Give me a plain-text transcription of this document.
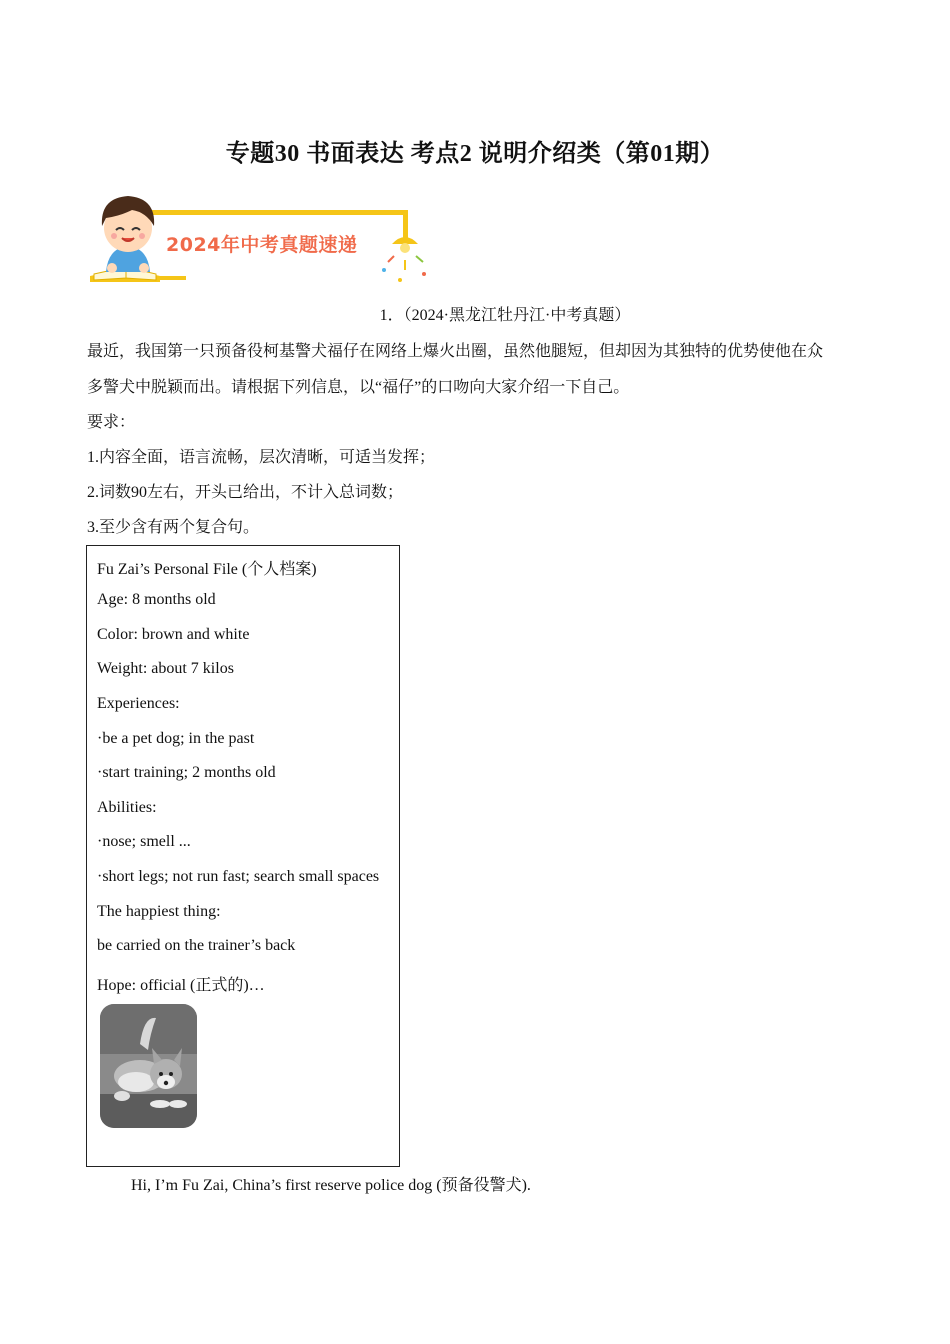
专题30 书面表达 考点2 说明介绍类（第01期）
2024年中考真题速递
1．（2024·黑龙江牡丹江·中考真题）
最近，我国第一只预备役柯基警犬福仔在网络上爆火出圈，虽然他腿短，但却因为其独特的优势使他在众
多警犬中脱颖而出。请根据下列信息，以“福仔”的口吻向大家介绍一下自己。
要求：
1.内容全面，语言流畅，层次清晰，可适当发挥；
2.词数90左右，开头已给出，不计入总词数；
3.至少含有两个复合句。
Fu Zai’s Personal File (个人档案)
Age: 8 months old
Color: brown and white
Weight: about 7 kilos
Experiences:
·be a pet dog; in the past
·start training; 2 months old
Abilities:
·nose; smell ...
·short legs; not run fast; search small spaces
The happiest thing:
be carried on the trainer’s back
Hope: official (正式的)…
Hi, I’m Fu Zai, China’s first reserve police dog (预备役警犬).
